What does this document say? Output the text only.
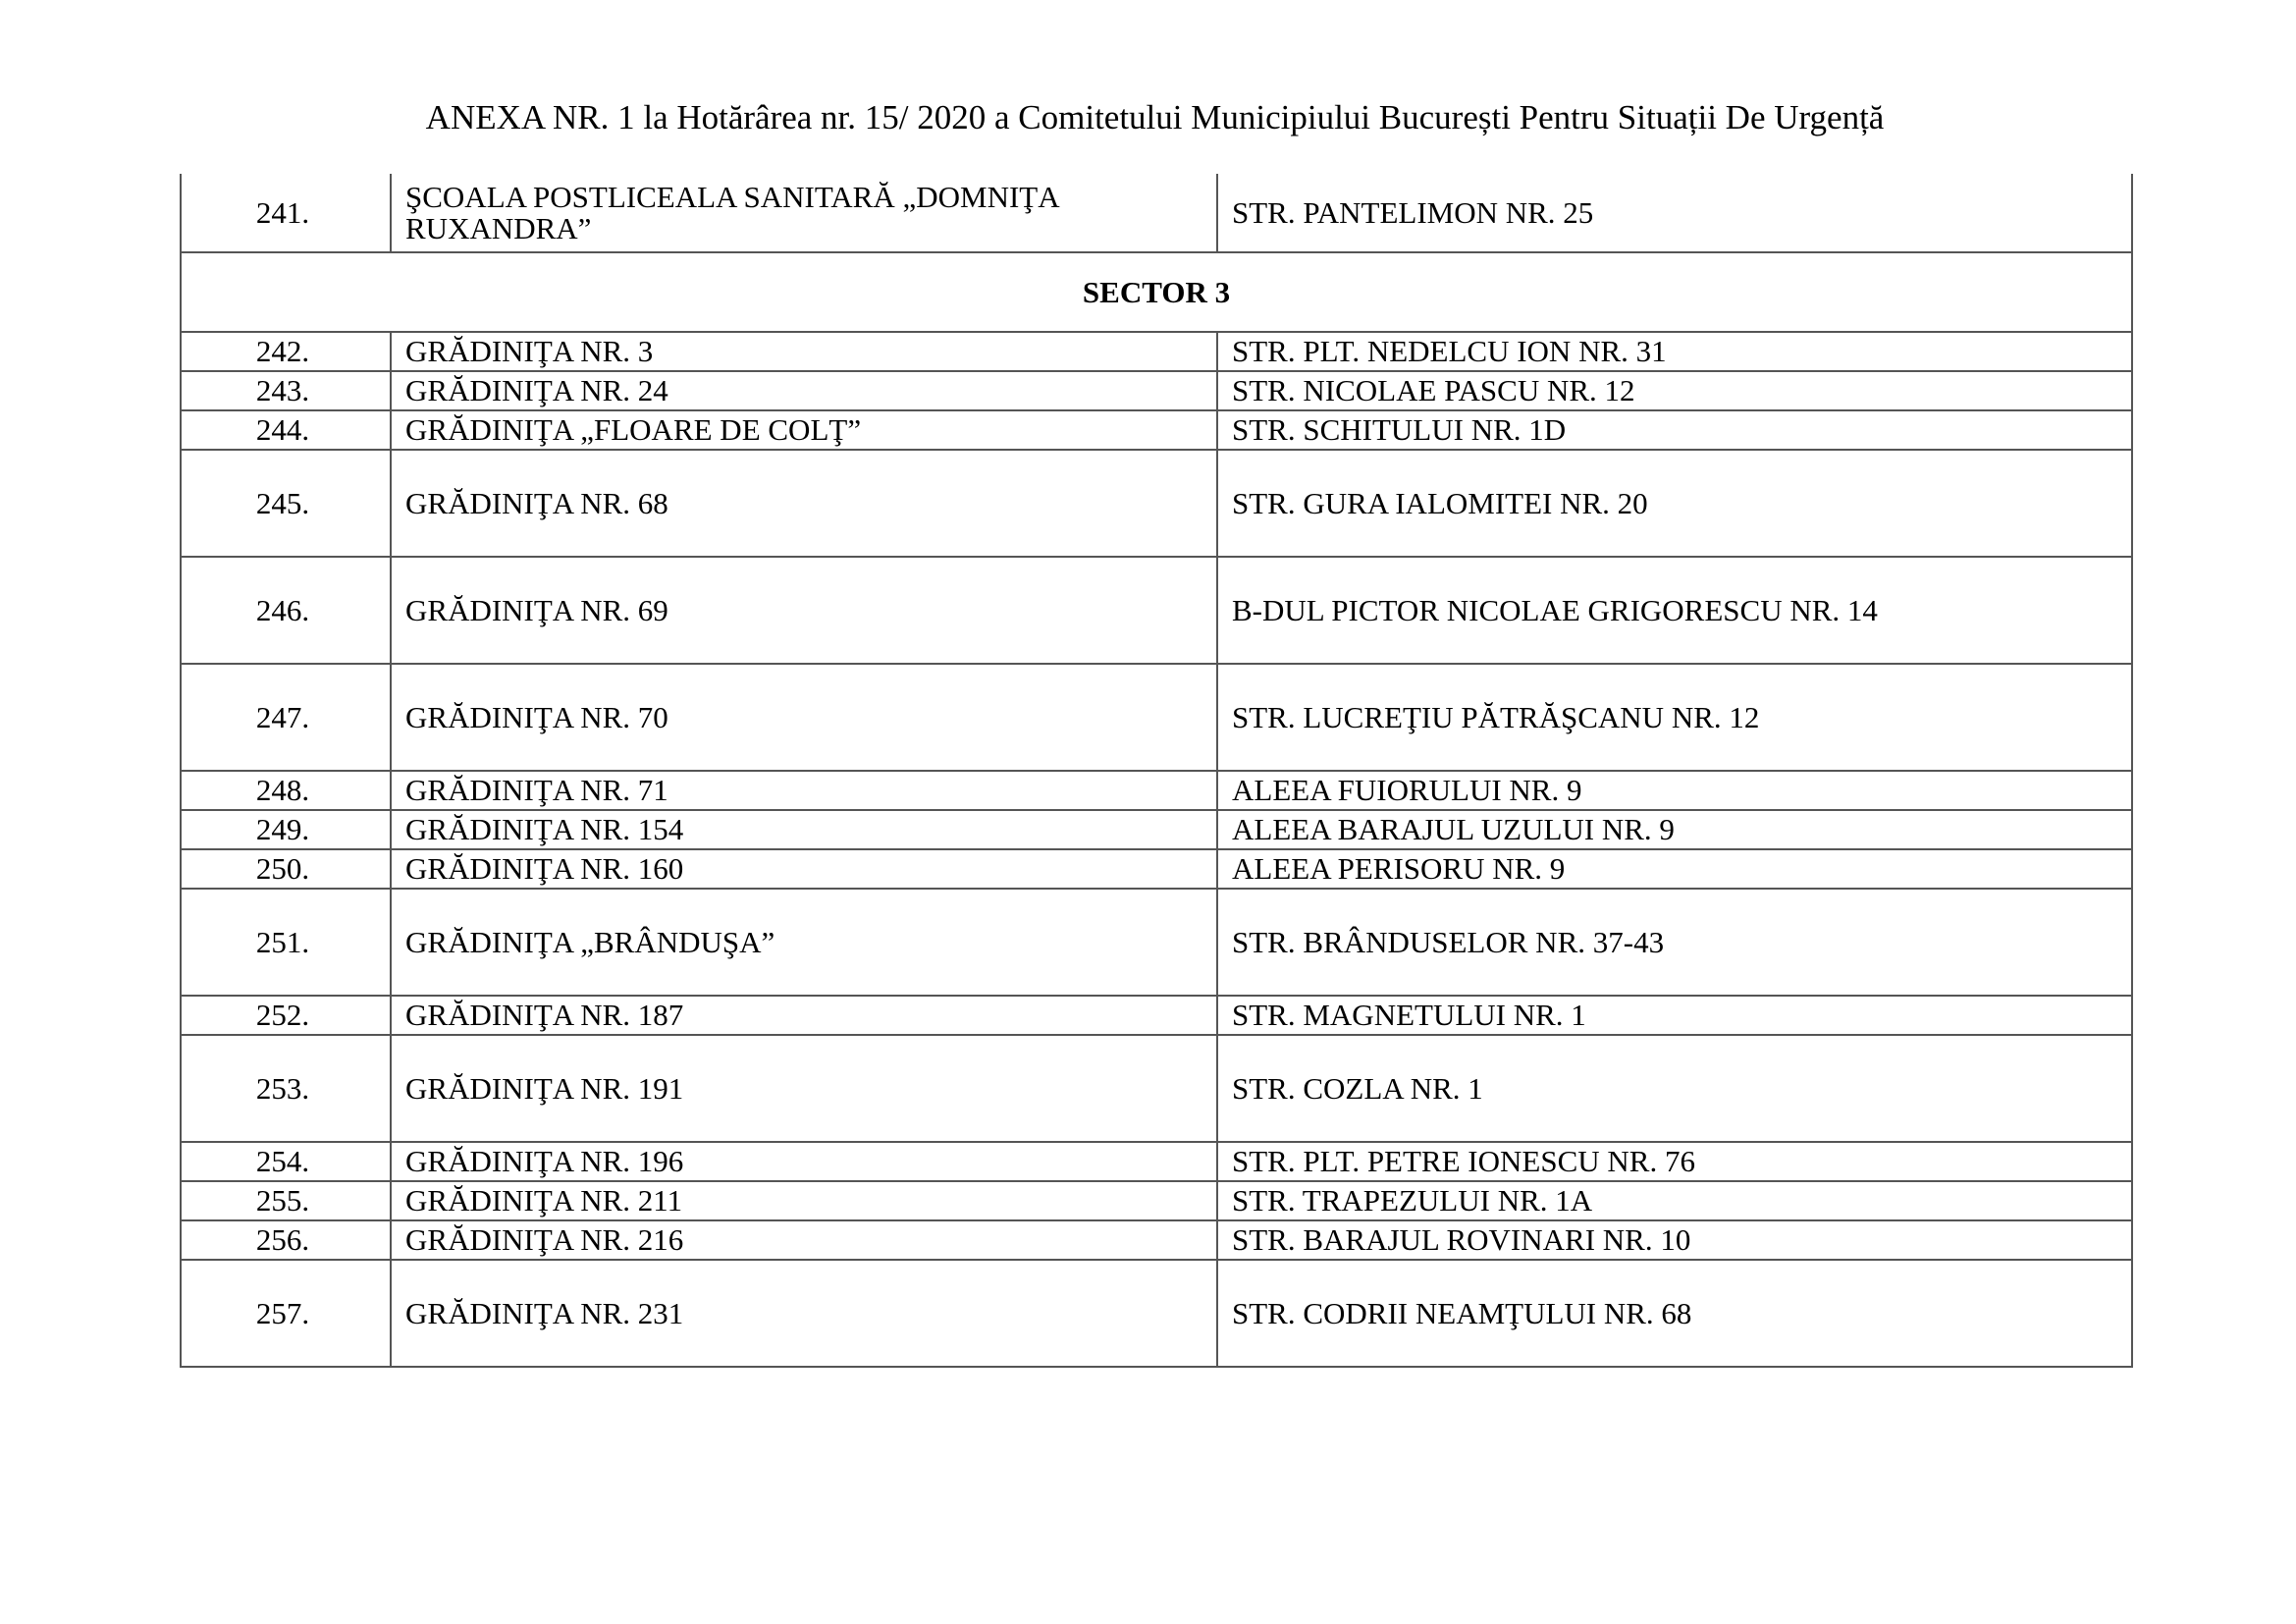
ANEXA NR. 1 la Hotărârea nr. 15/ 2020 a Comitetului Municipiului București Pentru Situații De Urgență
241.	ŞCOALA POSTLICEALA SANITARĂ „DOMNIŢA RUXANDRA”	STR. PANTELIMON NR. 25
SECTOR 3		
242.	GRĂDINIŢA NR. 3	STR. PLT. NEDELCU ION NR. 31
243.	GRĂDINIŢA NR. 24	STR. NICOLAE PASCU NR. 12
244.	GRĂDINIŢA „FLOARE DE COLŢ”	STR. SCHITULUI NR. 1D
245.	GRĂDINIŢA NR. 68	STR. GURA IALOMITEI NR. 20
246.	GRĂDINIŢA NR. 69	B-DUL PICTOR NICOLAE GRIGORESCU NR. 14
247.	GRĂDINIŢA NR. 70	STR. LUCREŢIU PĂTRĂŞCANU NR. 12
248.	GRĂDINIŢA NR. 71	ALEEA FUIORULUI NR. 9
249.	GRĂDINIŢA NR. 154	ALEEA BARAJUL UZULUI NR. 9
250.	GRĂDINIŢA NR. 160	ALEEA PERISORU NR. 9
251.	GRĂDINIŢA „BRÂNDUŞA”	STR. BRÂNDUSELOR NR. 37-43
252.	GRĂDINIŢA NR. 187	STR. MAGNETULUI NR. 1
253.	GRĂDINIŢA NR. 191	STR. COZLA NR. 1
254.	GRĂDINIŢA NR. 196	STR. PLT. PETRE IONESCU NR. 76
255.	GRĂDINIŢA NR. 211	STR. TRAPEZULUI NR. 1A
256.	GRĂDINIŢA NR. 216	STR. BARAJUL ROVINARI NR. 10
257.	GRĂDINIŢA NR. 231	STR. CODRII NEAMŢULUI NR. 68
